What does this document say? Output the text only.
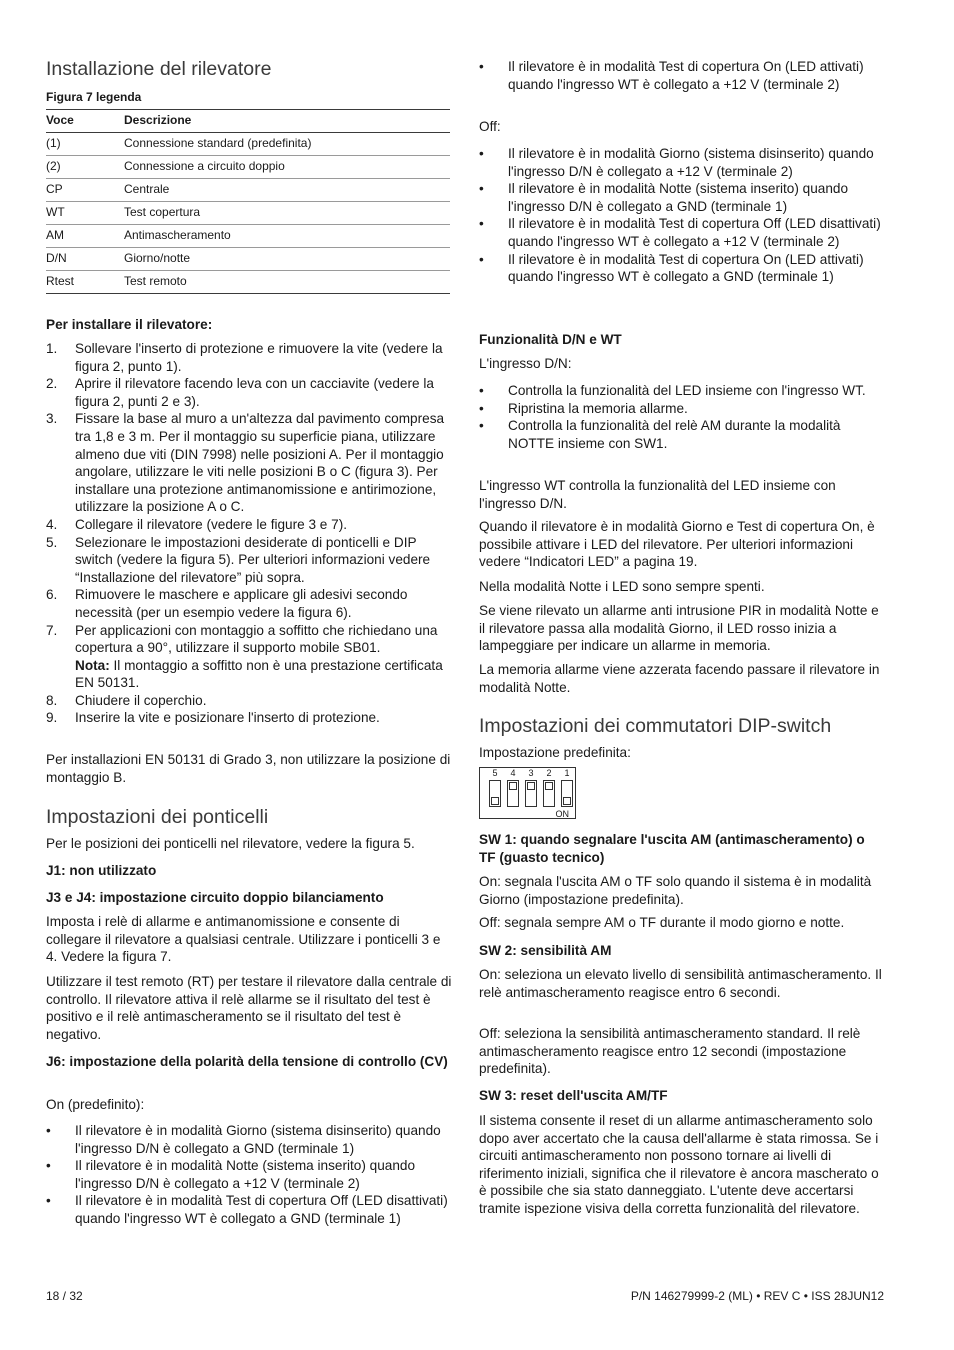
Installazione del rilevatore
Figura 7 legenda
Voce	Descrizione
(1)	Connessione standard (predefinita)
(2)	Connessione a circuito doppio
CP	Centrale
WT	Test copertura
AM	Antimascheramento
D/N	Giorno/notte
Rtest	Test remoto
Per installare il rilevatore:
1. Sollevare l'inserto di protezione e rimuovere la vite (vedere la figura 2, punto 1).
2. Aprire il rilevatore facendo leva con un cacciavite (vedere la figura 2, punti 2 e 3).
3. Fissare la base al muro a un'altezza dal pavimento compresa tra 1,8 e 3 m. Per il montaggio su superficie piana, utilizzare almeno due viti (DIN 7998) nelle posizioni A. Per il montaggio angolare, utilizzare le viti nelle posizioni B o C (figura 3). Per installare una protezione antimanomissione e antirimozione, utilizzare la posizione A o C.
4. Collegare il rilevatore (vedere le figure 3 e 7).
5. Selezionare le impostazioni desiderate di ponticelli e DIP switch (vedere la figura 5). Per ulteriori informazioni vedere “Installazione del rilevatore” più sopra.
6. Rimuovere le maschere e applicare gli adesivi secondo necessità (per un esempio vedere la figura 6).
7. Per applicazioni con montaggio a soffitto che richiedano una copertura a 90°, utilizzare il supporto mobile SB01.
Nota: Il montaggio a soffitto non è una prestazione certificata EN 50131.
8. Chiudere il coperchio.
9. Inserire la vite e posizionare l'inserto di protezione.
Per installazioni EN 50131 di Grado 3, non utilizzare la posizione di montaggio B.
Impostazioni dei ponticelli
Per le posizioni dei ponticelli nel rilevatore, vedere la figura 5.
J1: non utilizzato
J3 e J4: impostazione circuito doppio bilanciamento
Imposta i relè di allarme e antimanomissione e consente di collegare il rilevatore a qualsiasi centrale. Utilizzare i ponticelli 3 e 4. Vedere la figura 7.
Utilizzare il test remoto (RT) per testare il rilevatore dalla centrale di controllo. Il rilevatore attiva il relè allarme se il risultato del test è positivo e il relè antimascheramento se il risultato del test è negativo.
J6: impostazione della polarità della tensione di controllo (CV)
On (predefinito):
• Il rilevatore è in modalità Giorno (sistema disinserito) quando l'ingresso D/N è collegato a GND (terminale 1)
• Il rilevatore è in modalità Notte (sistema inserito) quando l'ingresso D/N è collegato a +12 V (terminale 2)
• Il rilevatore è in modalità Test di copertura Off (LED disattivati) quando l'ingresso WT è collegato a GND (terminale 1)
18 / 32
• Il rilevatore è in modalità Test di copertura On (LED attivati) quando l'ingresso WT è collegato a +12 V (terminale 2)
Off:
• Il rilevatore è in modalità Giorno (sistema disinserito) quando l'ingresso D/N è collegato a +12 V (terminale 2)
• Il rilevatore è in modalità Notte (sistema inserito) quando l'ingresso D/N è collegato a GND (terminale 1)
• Il rilevatore è in modalità Test di copertura Off (LED disattivati) quando l'ingresso WT è collegato a +12 V (terminale 2)
• Il rilevatore è in modalità Test di copertura On (LED attivati) quando l'ingresso WT è collegato a GND (terminale 1)
Funzionalità D/N e WT
L'ingresso D/N:
• Controlla la funzionalità del LED insieme con l'ingresso WT.
• Ripristina la memoria allarme.
• Controlla la funzionalità del relè AM durante la modalità NOTTE insieme con SW1.
L'ingresso WT controlla la funzionalità del LED insieme con l'ingresso D/N.
Quando il rilevatore è in modalità Giorno e Test di copertura On, è possibile attivare i LED del rilevatore. Per ulteriori informazioni vedere “Indicatori LED” a pagina 19.
Nella modalità Notte i LED sono sempre spenti.
Se viene rilevato un allarme anti intrusione PIR in modalità Notte e il rilevatore passa alla modalità Giorno, il LED rosso inizia a lampeggiare per indicare un allarme in memoria.
La memoria allarme viene azzerata facendo passare il rilevatore in modalità Notte.
Impostazioni dei commutatori DIP-switch
Impostazione predefinita:
5	4	3	2	1
ON
SW 1: quando segnalare l'uscita AM (antimascheramento) o TF (guasto tecnico)
On: segnala l'uscita AM o TF solo quando il sistema è in modalità Giorno (impostazione predefinita).
Off: segnala sempre AM o TF durante il modo giorno e notte.
SW 2: sensibilità AM
On: seleziona un elevato livello di sensibilità antimascheramento. Il relè antimascheramento reagisce entro 6 secondi.
Off: seleziona la sensibilità antimascheramento standard. Il relè antimascheramento reagisce entro 12 secondi (impostazione predefinita).
SW 3: reset dell'uscita AM/TF
Il sistema consente il reset di un allarme antimascheramento solo dopo aver accertato che la causa dell'allarme è stata rimossa. Se i circuiti antimascheramento non possono tornare ai livelli di riferimento iniziali, significa che il rilevatore è ancora mascherato o è possibile che sia stato danneggiato. L'utente deve accertarsi tramite ispezione visiva della corretta funzionalità del rilevatore.
P/N 146279999-2 (ML) • REV C • ISS 28JUN12
